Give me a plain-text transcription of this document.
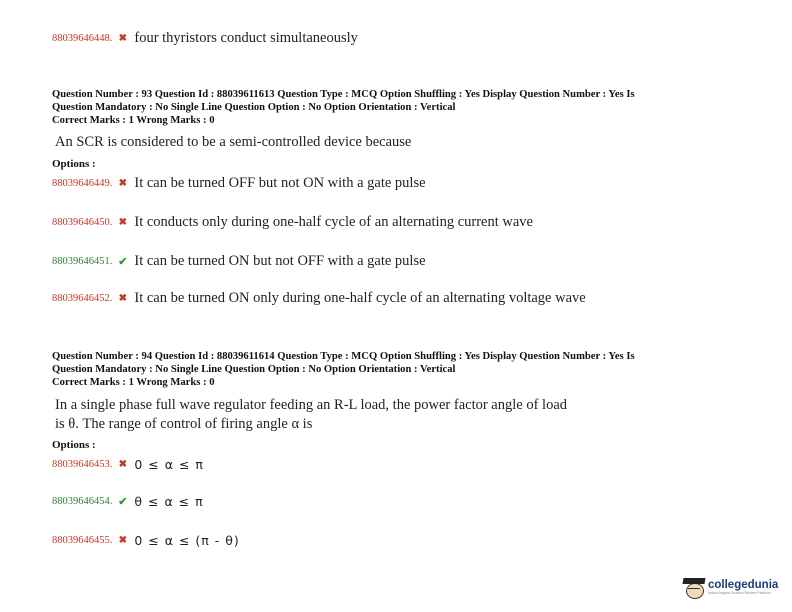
88039646448. ✖ four thyristors conduct simultaneously
Question Number : 93 Question Id : 88039611613 Question Type : MCQ Option Shuffling : Yes Display Question Number : Yes Is
Question Mandatory : No Single Line Question Option : No Option Orientation : Vertical
Correct Marks : 1 Wrong Marks : 0
An SCR is considered to be a semi-controlled device because
Options :
88039646449. ✖ It can be turned OFF but not ON with a gate pulse
88039646450. ✖ It conducts only during one-half cycle of an alternating current wave
88039646451. ✔ It can be turned ON but not OFF with a gate pulse
88039646452. ✖ It can be turned ON only during one-half cycle of an alternating voltage wave
Question Number : 94 Question Id : 88039611614 Question Type : MCQ Option Shuffling : Yes Display Question Number : Yes Is
Question Mandatory : No Single Line Question Option : No Option Orientation : Vertical
Correct Marks : 1 Wrong Marks : 0
In a single phase full wave regulator feeding an R-L load, the power factor angle of load
is θ. The range of control of firing angle α is
Options :
88039646453. ✖ 0 ≤ α ≤ π
88039646454. ✔ θ ≤ α ≤ π
88039646455. ✖ 0 ≤ α ≤ (π - θ)
collegedunia
India's largest Student Review Platform
